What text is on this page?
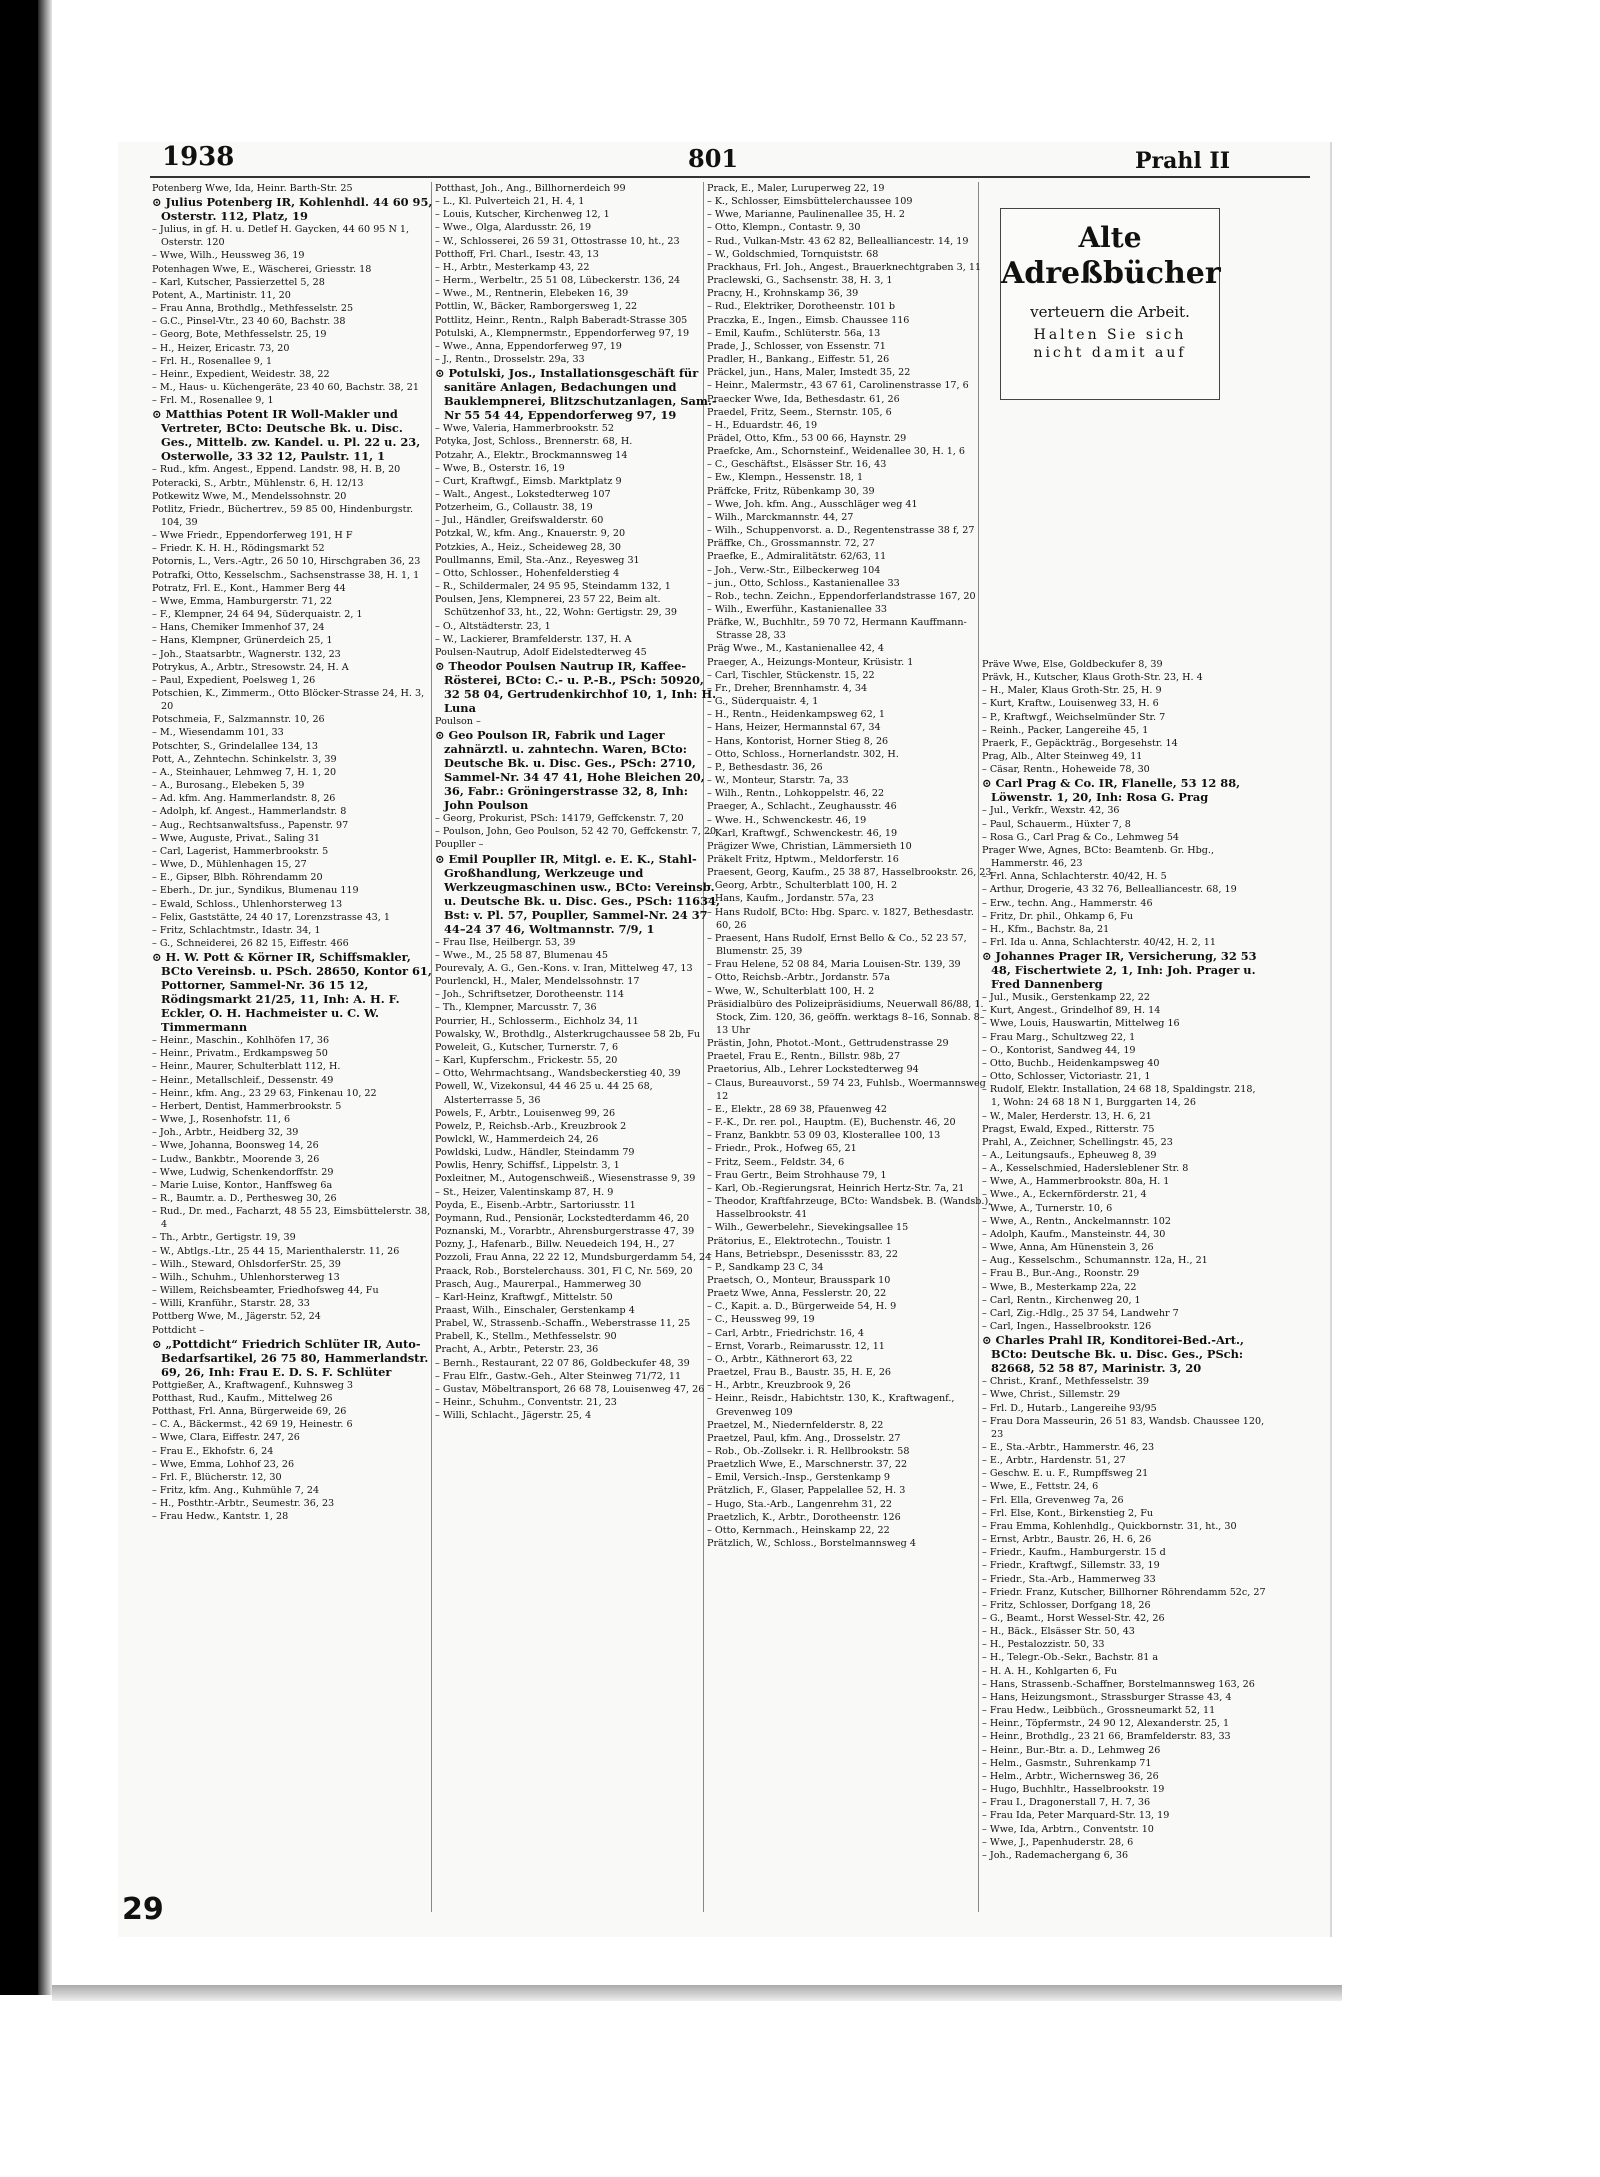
1938	801	Prahl II

Potenberg Wwe, Ida, Heinr. Barth-Str. 25

⊙ Julius Potenberg IR, Kohlenhdl. 44 60 95, Osterstr. 112, Platz, 19

– Julius, in gf. H. u. Detlef H. Gaycken, 44 60 95 N 1, Osterstr. 120

– Wwe, Wilh., Heussweg 36, 19

Potenhagen Wwe, E., Wäscherei, Griesstr. 18

– Karl, Kutscher, Passierzettel 5, 28

Potent, A., Martinistr. 11, 20

– Frau Anna, Brothdlg., Methfesselstr. 25

– G.C., Pinsel-Vtr., 23 40 60, Bachstr. 38

– Georg, Bote, Methfesselstr. 25, 19

– H., Heizer, Ericastr. 73, 20

– Frl. H., Rosenallee 9, 1

– Heinr., Expedient, Weidestr. 38, 22

– M., Haus- u. Küchengeräte, 23 40 60, Bachstr. 38, 21

– Frl. M., Rosenallee 9, 1

⊙ Matthias Potent IR Woll-Makler und Vertreter, BCto: Deutsche Bk. u. Disc. Ges., Mittelb. zw. Kandel. u. Pl. 22 u. 23, Osterwolle, 33 32 12, Paulstr. 11, 1

– Rud., kfm. Angest., Eppend. Landstr. 98, H. B, 20

Poteracki, S., Arbtr., Mühlenstr. 6, H. 12/13

Potkewitz Wwe, M., Mendelssohnstr. 20

Potlitz, Friedr., Büchertrev., 59 85 00, Hindenburgstr. 104, 39

– Wwe Friedr., Eppendorferweg 191, H F

– Friedr. K. H. H., Rödingsmarkt 52

Potornis, L., Vers.-Agtr., 26 50 10, Hirschgraben 36, 23

Potrafki, Otto, Kesselschm., Sachsenstrasse 38, H. 1, 1

Potratz, Frl. E., Kont., Hammer Berg 44

– Wwe, Emma, Hamburgerstr. 71, 22

– F., Klempner, 24 64 94, Süderquaistr. 2, 1

– Hans, Chemiker Immenhof 37, 24

– Hans, Klempner, Grünerdeich 25, 1

– Joh., Staatsarbtr., Wagnerstr. 132, 23

Potrykus, A., Arbtr., Stresowstr. 24, H. A

– Paul, Expedient, Poelsweg 1, 26

Potschien, K., Zimmerm., Otto Blöcker-Strasse 24, H. 3, 20

Potschmeia, F., Salzmannstr. 10, 26

– M., Wiesendamm 101, 33

Potschter, S., Grindelallee 134, 13

Pott, A., Zehntechn. Schinkelstr. 3, 39

– A., Steinhauer, Lehmweg 7, H. 1, 20

– A., Burosang., Elebeken 5, 39

– Ad. kfm. Ang. Hammerlandstr. 8, 26

– Adolph, kf. Angest., Hammerlandstr. 8

– Aug., Rechtsanwaltsfuss., Papenstr. 97

– Wwe, Auguste, Privat., Saling 31

– Carl, Lagerist, Hammerbrookstr. 5

– Wwe, D., Mühlenhagen 15, 27

– E., Gipser, Blbh. Röhrendamm 20

– Eberh., Dr. jur., Syndikus, Blumenau 119

– Ewald, Schloss., Uhlenhorsterweg 13

– Felix, Gaststätte, 24 40 17, Lorenzstrasse 43, 1

– Fritz, Schlachtmstr., Idastr. 34, 1

– G., Schneiderei, 26 82 15, Eiffestr. 466

⊙ H. W. Pott & Körner IR, Schiffsmakler, BCto Vereinsb. u. PSch. 28650, Kontor 61, Pottorner, Sammel-Nr. 36 15 12, Rödingsmarkt 21/25, 11, Inh: A. H. F. Eckler, O. H. Hachmeister u. C. W. Timmermann

– Heinr., Maschin., Kohlhöfen 17, 36

– Heinr., Privatm., Erdkampsweg 50

– Heinr., Maurer, Schulterblatt 112, H.

– Heinr., Metallschleif., Dessenstr. 49

– Heinr., kfm. Ang., 23 29 63, Finkenau 10, 22

– Herbert, Dentist, Hammerbrookstr. 5

– Wwe, J., Rosenhofstr. 11, 6

– Joh., Arbtr., Heidberg 32, 39

– Wwe, Johanna, Boonsweg 14, 26

– Ludw., Bankbtr., Moorende 3, 26

– Wwe, Ludwig, Schenkendorffstr. 29

– Marie Luise, Kontor., Hanffsweg 6a

– R., Baumtr. a. D., Perthesweg 30, 26

– Rud., Dr. med., Facharzt, 48 55 23, Eimsbüttelerstr. 38, 4

– Th., Arbtr., Gertigstr. 19, 39

– W., Abtlgs.-Ltr., 25 44 15, Marienthalerstr. 11, 26

– Wilh., Steward, OhlsdorferStr. 25, 39

– Wilh., Schuhm., Uhlenhorsterweg 13

– Willem, Reichsbeamter, Friedhofsweg 44, Fu

– Willi, Kranführ., Starstr. 28, 33

Pottberg Wwe, M., Jägerstr. 52, 24

Pottdicht –

⊙ „Pottdicht“ Friedrich Schlüter IR, Auto-Bedarfsartikel, 26 75 80, Hammerlandstr. 69, 26, Inh: Frau E. D. S. F. Schlüter

Pottgießer, A., Kraftwagenf., Kuhnsweg 3

Potthast, Rud., Kaufm., Mittelweg 26

Potthast, Frl. Anna, Bürgerweide 69, 26

– C. A., Bäckermst., 42 69 19, Heinestr. 6

– Wwe, Clara, Eiffestr. 247, 26

– Frau E., Ekhofstr. 6, 24

– Wwe, Emma, Lohhof 23, 26

– Frl. F., Blücherstr. 12, 30

– Fritz, kfm. Ang., Kuhmühle 7, 24

– H., Posthtr.-Arbtr., Seumestr. 36, 23

– Frau Hedw., Kantstr. 1, 28

Potthast, Joh., Ang., Billhornerdeich 99

– L., Kl. Pulverteich 21, H. 4, 1

– Louis, Kutscher, Kirchenweg 12, 1

– Wwe., Olga, Alardusstr. 26, 19

– W., Schlosserei, 26 59 31, Ottostrasse 10, ht., 23

Potthoff, Frl. Charl., Isestr. 43, 13

– H., Arbtr., Mesterkamp 43, 22

– Herm., Werbeltr., 25 51 08, Lübeckerstr. 136, 24

– Wwe., M., Rentnerin, Elebeken 16, 39

Pottlin, W., Bäcker, Ramborgersweg 1, 22

Pottlitz, Heinr., Rentn., Ralph Baberadt-Strasse 305

Potulski, A., Klempnermstr., Eppendorferweg 97, 19

– Wwe., Anna, Eppendorferweg 97, 19

– J., Rentn., Drosselstr. 29a, 33

⊙ Potulski, Jos., Installationsgeschäft für sanitäre Anlagen, Bedachungen und Bauklempnerei, Blitzschutzanlagen, Sam.-Nr 55 54 44, Eppendorferweg 97, 19

– Wwe, Valeria, Hammerbrookstr. 52

Potyka, Jost, Schloss., Brennerstr. 68, H.

Potzahr, A., Elektr., Brockmannsweg 14

– Wwe, B., Osterstr. 16, 19

– Curt, Kraftwgf., Eimsb. Marktplatz 9

– Walt., Angest., Lokstedterweg 107

Potzerheim, G., Collaustr. 38, 19

– Jul., Händler, Greifswalderstr. 60

Potzkal, W., kfm. Ang., Knauerstr. 9, 20

Potzkies, A., Heiz., Scheideweg 28, 30

Poullmanns, Emil, Sta.-Anz., Reyesweg 31

– Otto, Schlosser., Hohenfelderstieg 4

– R., Schildermaler, 24 95 95, Steindamm 132, 1

Poulsen, Jens, Klempnerei, 23 57 22, Beim alt. Schützenhof 33, ht., 22, Wohn: Gertigstr. 29, 39

– O., Altstädterstr. 23, 1

– W., Lackierer, Bramfelderstr. 137, H. A

Poulsen-Nautrup, Adolf Eidelstedterweg 45

⊙ Theodor Poulsen Nautrup IR, Kaffee-Rösterei, BCto: C.- u. P.-B., PSch: 50920, 32 58 04, Gertrudenkirchhof 10, 1, Inh: H. Luna

Poulson –

⊙ Geo Poulson IR, Fabrik und Lager zahnärztl. u. zahntechn. Waren, BCto: Deutsche Bk. u. Disc. Ges., PSch: 2710, Sammel-Nr. 34 47 41, Hohe Bleichen 20, 36, Fabr.: Gröningerstrasse 32, 8, Inh: John Poulson

– Georg, Prokurist, PSch: 14179, Geffckenstr. 7, 20

– Poulson, John, Geo Poulson, 52 42 70, Geffckenstr. 7, 20

Poupller –

⊙ Emil Poupller IR, Mitgl. e. E. K., Stahl-Großhandlung, Werkzeuge und Werkzeugmaschinen usw., BCto: Vereinsb. u. Deutsche Bk. u. Disc. Ges., PSch: 11634, Bst: v. Pl. 57, Poupller, Sammel-Nr. 24 37 44–24 37 46, Woltmannstr. 7/9, 1

– Frau Ilse, Heilbergr. 53, 39

– Wwe., M., 25 58 87, Blumenau 45

Pourevaly, A. G., Gen.-Kons. v. Iran, Mittelweg 47, 13

Pourlenckl, H., Maler, Mendelssohnstr. 17

– Joh., Schriftsetzer, Dorotheenstr. 114

– Th., Klempner, Marcusstr. 7, 36

Pourrier, H., Schlosserm., Eichholz 34, 11

Powalsky, W., Brothdlg., Alsterkrugchaussee 58 2b, Fu

Poweleit, G., Kutscher, Turnerstr. 7, 6

– Karl, Kupferschm., Frickestr. 55, 20

– Otto, Wehrmachtsang., Wandsbeckerstieg 40, 39

Powell, W., Vizekonsul, 44 46 25 u. 44 25 68, Alsterterrasse 5, 36

Powels, F., Arbtr., Louisenweg 99, 26

Powelz, P., Reichsb.-Arb., Kreuzbrook 2

Powlckl, W., Hammerdeich 24, 26

Powldski, Ludw., Händler, Steindamm 79

Powlis, Henry, Schiffsf., Lippelstr. 3, 1

Poxleitner, M., Autogenschweiß., Wiesenstrasse 9, 39

– St., Heizer, Valentinskamp 87, H. 9

Poyda, E., Eisenb.-Arbtr., Sartoriusstr. 11

Poymann, Rud., Pensionär, Lockstedterdamm 46, 20

Poznanski, M., Vorarbtr., Ahrensburgerstrasse 47, 39

Pozny, J., Hafenarb., Billw. Neuedeich 194, H., 27

Pozzoli, Frau Anna, 22 22 12, Mundsburgerdamm 54, 24

Praack, Rob., Borstelerchauss. 301, Fl C, Nr. 569, 20

Prasch, Aug., Maurerpal., Hammerweg 30

– Karl-Heinz, Kraftwgf., Mittelstr. 50

Praast, Wilh., Einschaler, Gerstenkamp 4

Prabel, W., Strassenb.-Schaffn., Weberstrasse 11, 25

Prabell, K., Stellm., Methfesselstr. 90

Pracht, A., Arbtr., Peterstr. 23, 36

– Bernh., Restaurant, 22 07 86, Goldbeckufer 48, 39

– Frau Elfr., Gastw.-Geh., Alter Steinweg 71/72, 11

– Gustav, Möbeltransport, 26 68 78, Louisenweg 47, 26

– Heinr., Schuhm., Conventstr. 21, 23

– Willi, Schlacht., Jägerstr. 25, 4

Prack, E., Maler, Luruperweg 22, 19

– K., Schlosser, Eimsbüttelerchaussee 109

– Wwe, Marianne, Paulinenallee 35, H. 2

– Otto, Klempn., Contastr. 9, 30

– Rud., Vulkan-Mstr. 43 62 82, Bellealliancestr. 14, 19

– W., Goldschmied, Tornquiststr. 68

Prackhaus, Frl. Joh., Angest., Brauerknechtgraben 3, 11

Praclewski, G., Sachsenstr. 38, H. 3, 1

Pracny, H., Krohnskamp 36, 39

– Rud., Elektriker, Dorotheenstr. 101 b

Praczka, E., Ingen., Eimsb. Chaussee 116

– Emil, Kaufm., Schlüterstr. 56a, 13

Prade, J., Schlosser, von Essenstr. 71

Pradler, H., Bankang., Eiffestr. 51, 26

Präckel, jun., Hans, Maler, Imstedt 35, 22

– Heinr., Malermstr., 43 67 61, Carolinenstrasse 17, 6

Praecker Wwe, Ida, Bethesdastr. 61, 26

Praedel, Fritz, Seem., Sternstr. 105, 6

– H., Eduardstr. 46, 19

Prädel, Otto, Kfm., 53 00 66, Haynstr. 29

Praefcke, Am., Schornsteinf., Weidenallee 30, H. 1, 6

– C., Geschäftst., Elsässer Str. 16, 43

– Ew., Klempn., Hessenstr. 18, 1

Präffcke, Fritz, Rübenkamp 30, 39

– Wwe, Joh. kfm. Ang., Ausschläger weg 41

– Wilh., Marckmannstr. 44, 27

– Wilh., Schuppenvorst. a. D., Regentenstrasse 38 f, 27

Präffke, Ch., Grossmannstr. 72, 27

Praefke, E., Admiralitätstr. 62/63, 11

– Joh., Verw.-Str., Eilbeckerweg 104

– jun., Otto, Schloss., Kastanienallee 33

– Rob., techn. Zeichn., Eppendorferlandstrasse 167, 20

– Wilh., Ewerführ., Kastanienallee 33

Präfke, W., Buchhltr., 59 70 72, Hermann Kauffmann-Strasse 28, 33

Präg Wwe., M., Kastanienallee 42, 4

Praeger, A., Heizungs-Monteur, Krüsistr. 1

– Carl, Tischler, Stückenstr. 15, 22

– Fr., Dreher, Brennhamstr. 4, 34

– G., Süderquaistr. 4, 1

– H., Rentn., Heidenkampsweg 62, 1

– Hans, Heizer, Hermannstal 67, 34

– Hans, Kontorist, Horner Stieg 8, 26

– Otto, Schloss., Hornerlandstr. 302, H.

– P., Bethesdastr. 36, 26

– W., Monteur, Starstr. 7a, 33

– Wilh., Rentn., Lohkoppelstr. 46, 22

Praeger, A., Schlacht., Zeughausstr. 46

– Wwe. H., Schwenckestr. 46, 19

– Karl, Kraftwgf., Schwenckestr. 46, 19

Prägizer Wwe, Christian, Lämmersieth 10

Präkelt Fritz, Hptwm., Meldorferstr. 16

Praesent, Georg, Kaufm., 25 38 87, Hasselbrookstr. 26, 23

– Georg, Arbtr., Schulterblatt 100, H. 2

– Hans, Kaufm., Jordanstr. 57a, 23

– Hans Rudolf, BCto: Hbg. Sparc. v. 1827, Bethesdastr. 60, 26

– Praesent, Hans Rudolf, Ernst Bello & Co., 52 23 57, Blumenstr. 25, 39

– Frau Helene, 52 08 84, Maria Louisen-Str. 139, 39

– Otto, Reichsb.-Arbtr., Jordanstr. 57a

– Wwe, W., Schulterblatt 100, H. 2

Präsidialbüro des Polizeipräsidiums, Neuerwall 86/88, 1. Stock, Zim. 120, 36, geöffn. werktags 8–16, Sonnab. 8–13 Uhr

Prästin, John, Photot.-Mont., Gettrudenstrasse 29

Praetel, Frau E., Rentn., Billstr. 98b, 27

Praetorius, Alb., Lehrer Lockstedterweg 94

– Claus, Bureauvorst., 59 74 23, Fuhlsb., Woermannsweg 12

– E., Elektr., 28 69 38, Pfauenweg 42

– F.-K., Dr. rer. pol., Hauptm. (E), Buchenstr. 46, 20

– Franz, Bankbtr. 53 09 03, Klosterallee 100, 13

– Friedr., Prok., Hofweg 65, 21

– Fritz, Seem., Feldstr. 34, 6

– Frau Gertr., Beim Strohhause 79, 1

– Karl, Ob.-Regierungsrat, Heinrich Hertz-Str. 7a, 21

– Theodor, Kraftfahrzeuge, BCto: Wandsbek. B. (Wandsb.), Hasselbrookstr. 41

– Wilh., Gewerbelehr., Sievekingsallee 15

Prätorius, E., Elektrotechn., Touistr. 1

– Hans, Betriebspr., Desenissstr. 83, 22

– P., Sandkamp 23 C, 34

Praetsch, O., Monteur, Brausspark 10

Praetz Wwe, Anna, Fesslerstr. 20, 22

– C., Kapit. a. D., Bürgerweide 54, H. 9

– C., Heussweg 99, 19

– Carl, Arbtr., Friedrichstr. 16, 4

– Ernst, Vorarb., Reimarusstr. 12, 11

– O., Arbtr., Käthnerort 63, 22

Praetzel, Frau B., Baustr. 35, H. E, 26

– H., Arbtr., Kreuzbrook 9, 26

– Heinr., Reisdr., Habichtstr. 130, K., Kraftwagenf., Grevenweg 109

Praetzel, M., Niedernfelderstr. 8, 22

Praetzel, Paul, kfm. Ang., Drosselstr. 27

– Rob., Ob.-Zollsekr. i. R. Hellbrookstr. 58

Praetzlich Wwe, E., Marschnerstr. 37, 22

– Emil, Versich.-Insp., Gerstenkamp 9

Prätzlich, F., Glaser, Pappelallee 52, H. 3

– Hugo, Sta.-Arb., Langenrehm 31, 22

Praetzlich, K., Arbtr., Dorotheenstr. 126

– Otto, Kernmach., Heinskamp 22, 22

Prätzlich, W., Schloss., Borstelmannsweg 4

Präve Wwe, Else, Goldbeckufer 8, 39

Prävk, H., Kutscher, Klaus Groth-Str. 23, H. 4

– H., Maler, Klaus Groth-Str. 25, H. 9

– Kurt, Kraftw., Louisenweg 33, H. 6

– P., Kraftwgf., Weichselmünder Str. 7

– Reinh., Packer, Langereihe 45, 1

Praerk, F., Gepäckträg., Borgesehstr. 14

Prag, Alb., Alter Steinweg 49, 11

– Cäsar, Rentn., Hoheweide 78, 30

⊙ Carl Prag & Co. IR, Flanelle, 53 12 88, Löwenstr. 1, 20, Inh: Rosa G. Prag

– Jul., Verkfr., Wexstr. 42, 36

– Paul, Schauerm., Hüxter 7, 8

– Rosa G., Carl Prag & Co., Lehmweg 54

Prager Wwe, Agnes, BCto: Beamtenb. Gr. Hbg., Hammerstr. 46, 23

– Frl. Anna, Schlachterstr. 40/42, H. 5

– Arthur, Drogerie, 43 32 76, Bellealliancestr. 68, 19

– Erw., techn. Ang., Hammerstr. 46

– Fritz, Dr. phil., Ohkamp 6, Fu

– H., Kfm., Bachstr. 8a, 21

– Frl. Ida u. Anna, Schlachterstr. 40/42, H. 2, 11

⊙ Johannes Prager IR, Versicherung, 32 53 48, Fischertwiete 2, 1, Inh: Joh. Prager u. Fred Dannenberg

– Jul., Musik., Gerstenkamp 22, 22

– Kurt, Angest., Grindelhof 89, H. 14

– Wwe, Louis, Hauswartin, Mittelweg 16

– Frau Marg., Schultzweg 22, 1

– O., Kontorist, Sandweg 44, 19

– Otto, Buchb., Heidenkampsweg 40

– Otto, Schlosser, Victoriastr. 21, 1

– Rudolf, Elektr. Installation, 24 68 18, Spaldingstr. 218, 1, Wohn: 24 68 18 N 1, Burggarten 14, 26

– W., Maler, Herderstr. 13, H. 6, 21

Pragst, Ewald, Exped., Ritterstr. 75

Prahl, A., Zeichner, Schellingstr. 45, 23

– A., Leitungsaufs., Epheuweg 8, 39

– A., Kesselschmied, Hadersleblener Str. 8

– Wwe, A., Hammerbrookstr. 80a, H. 1

– Wwe., A., Eckernförderstr. 21, 4

– Wwe, A., Turnerstr. 10, 6

– Wwe, A., Rentn., Anckelmannstr. 102

– Adolph, Kaufm., Mansteinstr. 44, 30

– Wwe, Anna, Am Hünenstein 3, 26

– Aug., Kesselschm., Schumannstr. 12a, H., 21

– Frau B., Bur.-Ang., Roonstr. 29

– Wwe, B., Mesterkamp 22a, 22

– Carl, Rentn., Kirchenweg 20, 1

– Carl, Zig.-Hdlg., 25 37 54, Landwehr 7

– Carl, Ingen., Hasselbrookstr. 126

⊙ Charles Prahl IR, Konditorei-Bed.-Art., BCto: Deutsche Bk. u. Disc. Ges., PSch: 82668, 52 58 87, Marinistr. 3, 20

– Christ., Kranf., Methfesselstr. 39

– Wwe, Christ., Sillemstr. 29

– Frl. D., Hutarb., Langereihe 93/95

– Frau Dora Masseurin, 26 51 83, Wandsb. Chaussee 120, 23

– E., Sta.-Arbtr., Hammerstr. 46, 23

– E., Arbtr., Hardenstr. 51, 27

– Geschw. E. u. F., Rumpffsweg 21

– Wwe, E., Fettstr. 24, 6

– Frl. Ella, Grevenweg 7a, 26

– Frl. Else, Kont., Birkenstieg 2, Fu

– Frau Emma, Kohlenhdlg., Quickbornstr. 31, ht., 30

– Ernst, Arbtr., Baustr. 26, H. 6, 26

– Friedr., Kaufm., Hamburgerstr. 15 d

– Friedr., Kraftwgf., Sillemstr. 33, 19

– Friedr., Sta.-Arb., Hammerweg 33

– Friedr. Franz, Kutscher, Billhorner Röhrendamm 52c, 27

– Fritz, Schlosser, Dorfgang 18, 26

– G., Beamt., Horst Wessel-Str. 42, 26

– H., Bäck., Elsässer Str. 50, 43

– H., Pestalozzistr. 50, 33

– H., Telegr.-Ob.-Sekr., Bachstr. 81 a

– H. A. H., Kohlgarten 6, Fu

– Hans, Strassenb.-Schaffner, Borstelmannsweg 163, 26

– Hans, Heizungsmont., Strassburger Strasse 43, 4

– Frau Hedw., Leibbüch., Grossneumarkt 52, 11

– Heinr., Töpfermstr., 24 90 12, Alexanderstr. 25, 1

– Heinr., Brothdlg., 23 21 66, Bramfelderstr. 83, 33

– Heinr., Bur.-Btr. a. D., Lehmweg 26

– Helm., Gasmstr., Suhrenkamp 71

– Helm., Arbtr., Wichernsweg 36, 26

– Hugo, Buchhltr., Hasselbrookstr. 19

– Frau I., Dragonerstall 7, H. 7, 36

– Frau Ida, Peter Marquard-Str. 13, 19

– Wwe, Ida, Arbtrn., Conventstr. 10

– Wwe, J., Papenhuderstr. 28, 6

– Joh., Rademachergang 6, 36

Alte
Adreßbücher
verteuern die Arbeit.
Halten Sie sich
nicht damit auf
29
